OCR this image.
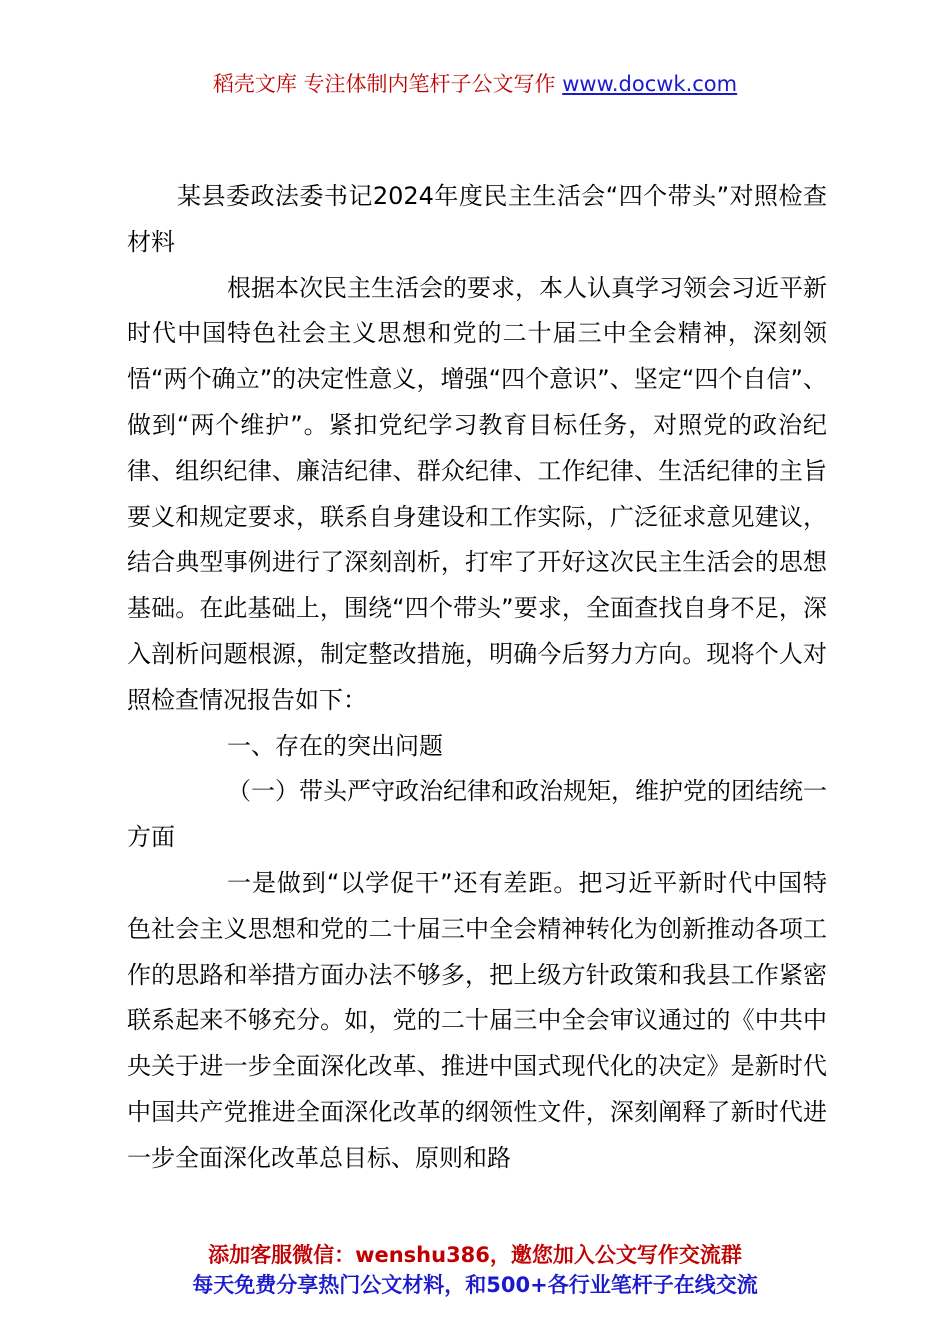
稻壳文库 专注体制内笔杆子公文写作 www.docwk.com

某县委政法委书记2024年度民主生活会“四个带头”对照检查材料

根据本次民主生活会的要求，本人认真学习领会习近平新时代中国特色社会主义思想和党的二十届三中全会精神，深刻领悟“两个确立”的决定性意义，增强“四个意识”、坚定“四个自信”、做到“两个维护”。紧扣党纪学习教育目标任务，对照党的政治纪律、组织纪律、廉洁纪律、群众纪律、工作纪律、生活纪律的主旨要义和规定要求，联系自身建设和工作实际，广泛征求意见建议，结合典型事例进行了深刻剖析，打牢了开好这次民主生活会的思想基础。在此基础上，围绕“四个带头”要求，全面查找自身不足，深入剖析问题根源，制定整改措施，明确今后努力方向。现将个人对照检查情况报告如下：

一、存在的突出问题

（一）带头严守政治纪律和政治规矩，维护党的团结统一方面

一是做到“以学促干”还有差距。把习近平新时代中国特色社会主义思想和党的二十届三中全会精神转化为创新推动各项工作的思路和举措方面办法不够多，把上级方针政策和我县工作紧密联系起来不够充分。如，党的二十届三中全会审议通过的《中共中央关于进一步全面深化改革、推进中国式现代化的决定》是新时代中国共产党推进全面深化改革的纲领性文件，深刻阐释了新时代进一步全面深化改革总目标、原则和路

添加客服微信：wenshu386，邀您加入公文写作交流群
每天免费分享热门公文材料，和500+各行业笔杆子在线交流
